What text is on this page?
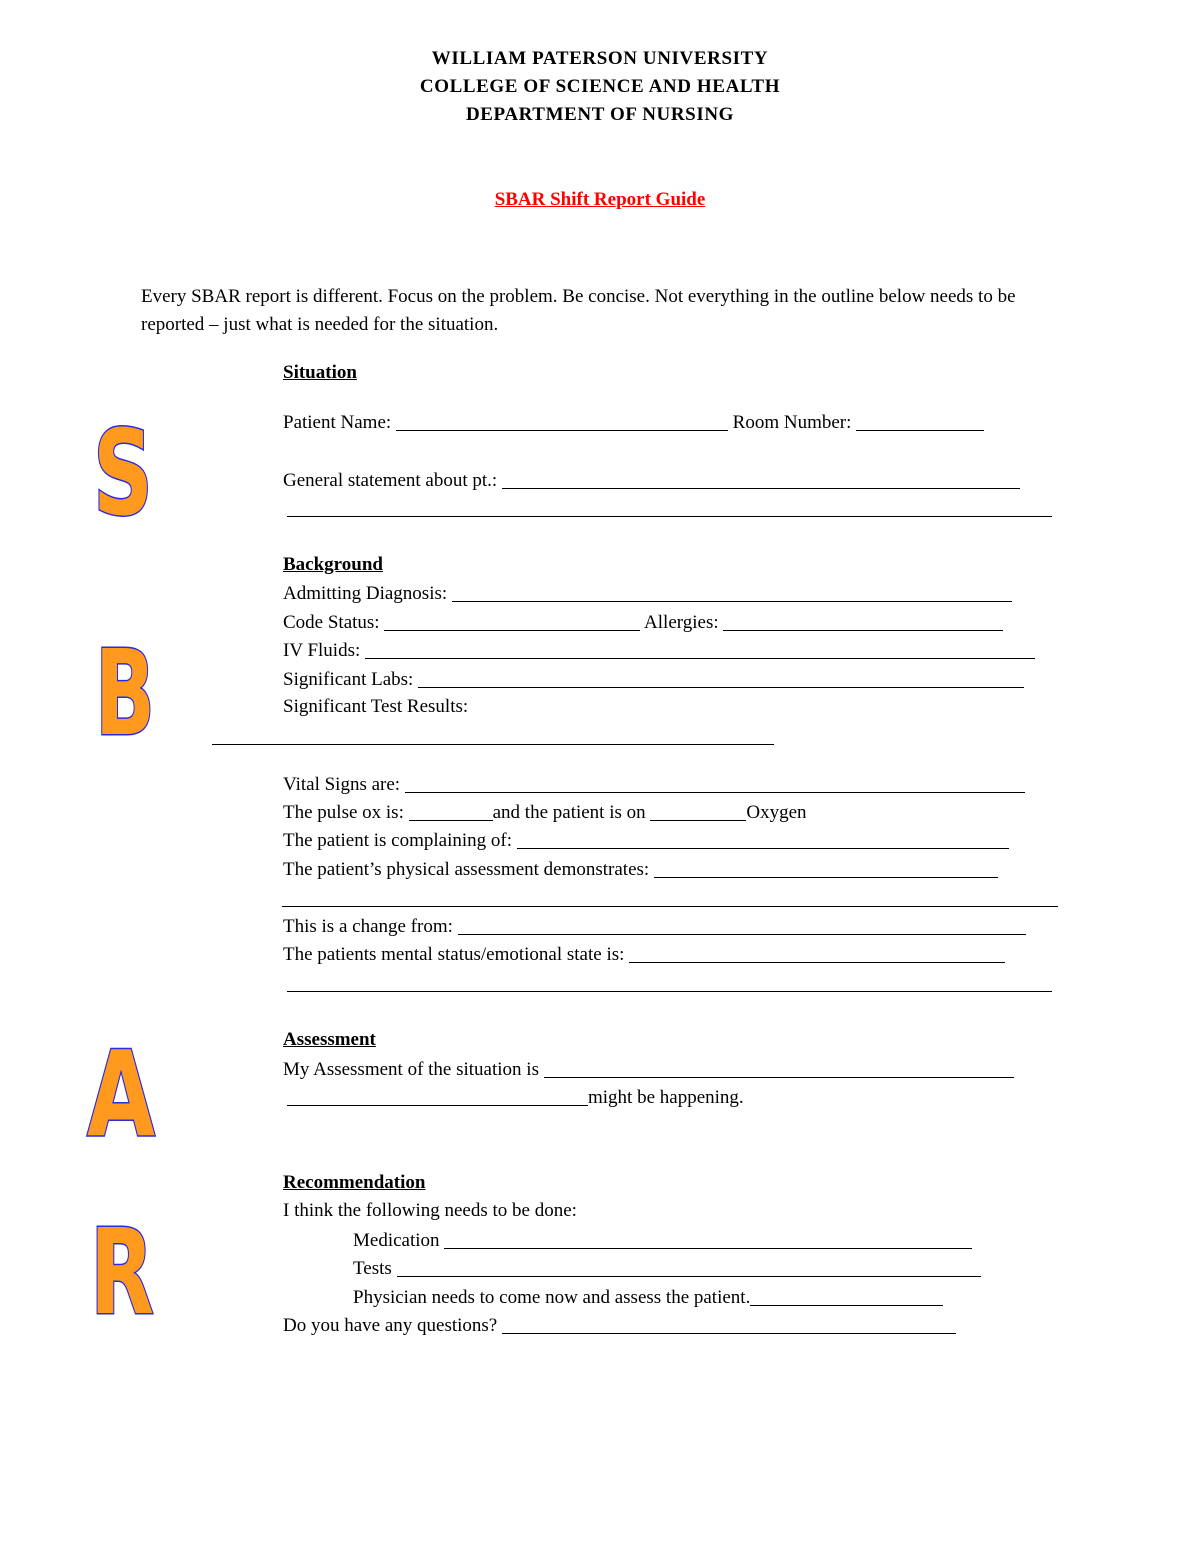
WILLIAM PATERSON UNIVERSITY
COLLEGE OF SCIENCE AND HEALTH
DEPARTMENT OF NURSING
SBAR Shift Report Guide
Every SBAR report is different. Focus on the problem. Be concise. Not everything in the outline below needs to be reported – just what is needed for the situation.
S
B
A
R
Situation
Patient Name:	Room Number:
General statement about pt.:
Background
Admitting Diagnosis:
Code Status:	Allergies:
IV Fluids:
Significant Labs:
Significant Test Results:
Vital Signs are:
The pulse ox is:	and the patient is on	Oxygen
The patient is complaining of:
The patient’s physical assessment demonstrates:
This is a change from:
The patients mental status/emotional state is:
Assessment
My Assessment of the situation is
might be happening.
Recommendation
I think the following needs to be done:
Medication
Tests
Physician needs to come now and assess the patient.
Do you have any questions?
